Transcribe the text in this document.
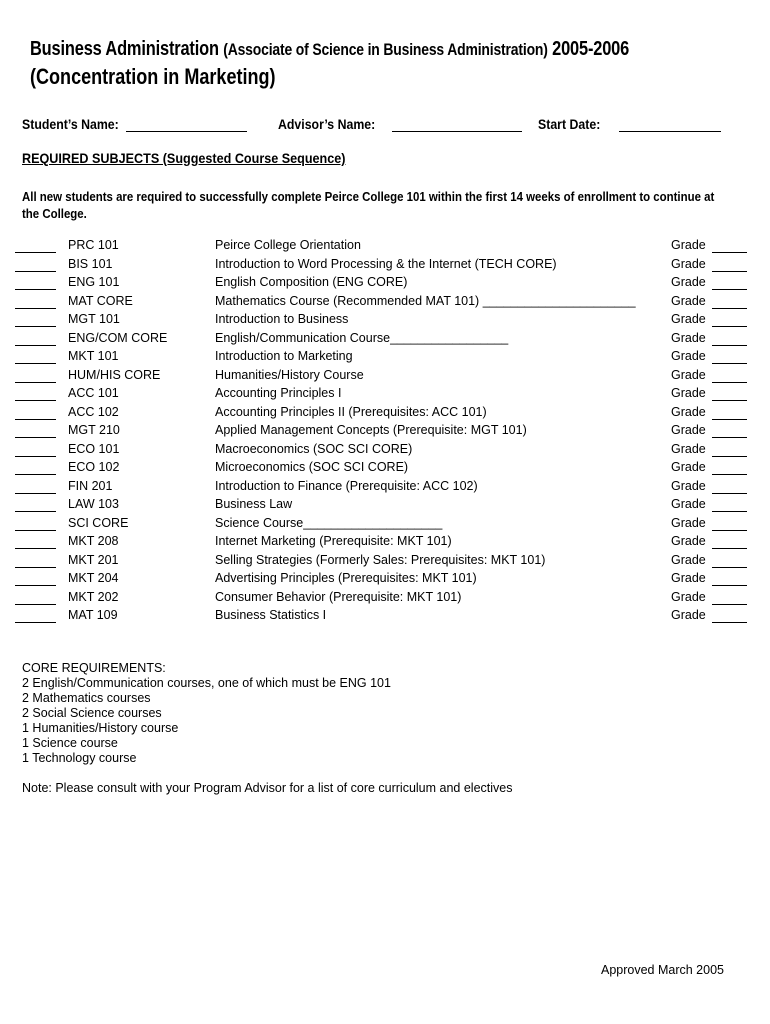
Business Administration (Associate of Science in Business Administration) 2005-2006
(Concentration in Marketing)
Student’s Name:	Advisor’s Name:	Start Date:
REQUIRED SUBJECTS (Suggested Course Sequence)
All new students are required to successfully complete Peirce College 101 within the first 14 weeks of enrollment to continue at the College.
PRC 101	Peirce College Orientation	Grade
BIS 101	Introduction to Word Processing & the Internet (TECH CORE)	Grade
ENG 101	English Composition (ENG CORE)	Grade
MAT CORE	Mathematics Course (Recommended MAT 101) ______________________	Grade
MGT 101	Introduction to Business	Grade
ENG/COM CORE	English/Communication Course_________________	Grade
MKT 101	Introduction to Marketing	Grade
HUM/HIS CORE	Humanities/History Course	Grade
ACC 101	Accounting Principles I	Grade
ACC 102	Accounting Principles II (Prerequisites: ACC 101)	Grade
MGT 210	Applied Management Concepts (Prerequisite: MGT 101)	Grade
ECO 101	Macroeconomics (SOC SCI CORE)	Grade
ECO 102	Microeconomics (SOC SCI CORE)	Grade
FIN 201	Introduction to Finance (Prerequisite: ACC 102)	Grade
LAW 103	Business Law	Grade
SCI CORE	Science Course____________________	Grade
MKT 208	Internet Marketing (Prerequisite: MKT 101)	Grade
MKT 201	Selling Strategies (Formerly Sales: Prerequisites: MKT 101)	Grade
MKT 204	Advertising Principles (Prerequisites: MKT 101)	Grade
MKT 202	Consumer Behavior (Prerequisite: MKT 101)	Grade
MAT 109	Business Statistics I	Grade
CORE REQUIREMENTS:
2 English/Communication courses, one of which must be ENG 101
2 Mathematics courses
2 Social Science courses
1 Humanities/History course
1 Science course
1 Technology course
Note: Please consult with your Program Advisor for a list of core curriculum and electives
Approved March 2005
